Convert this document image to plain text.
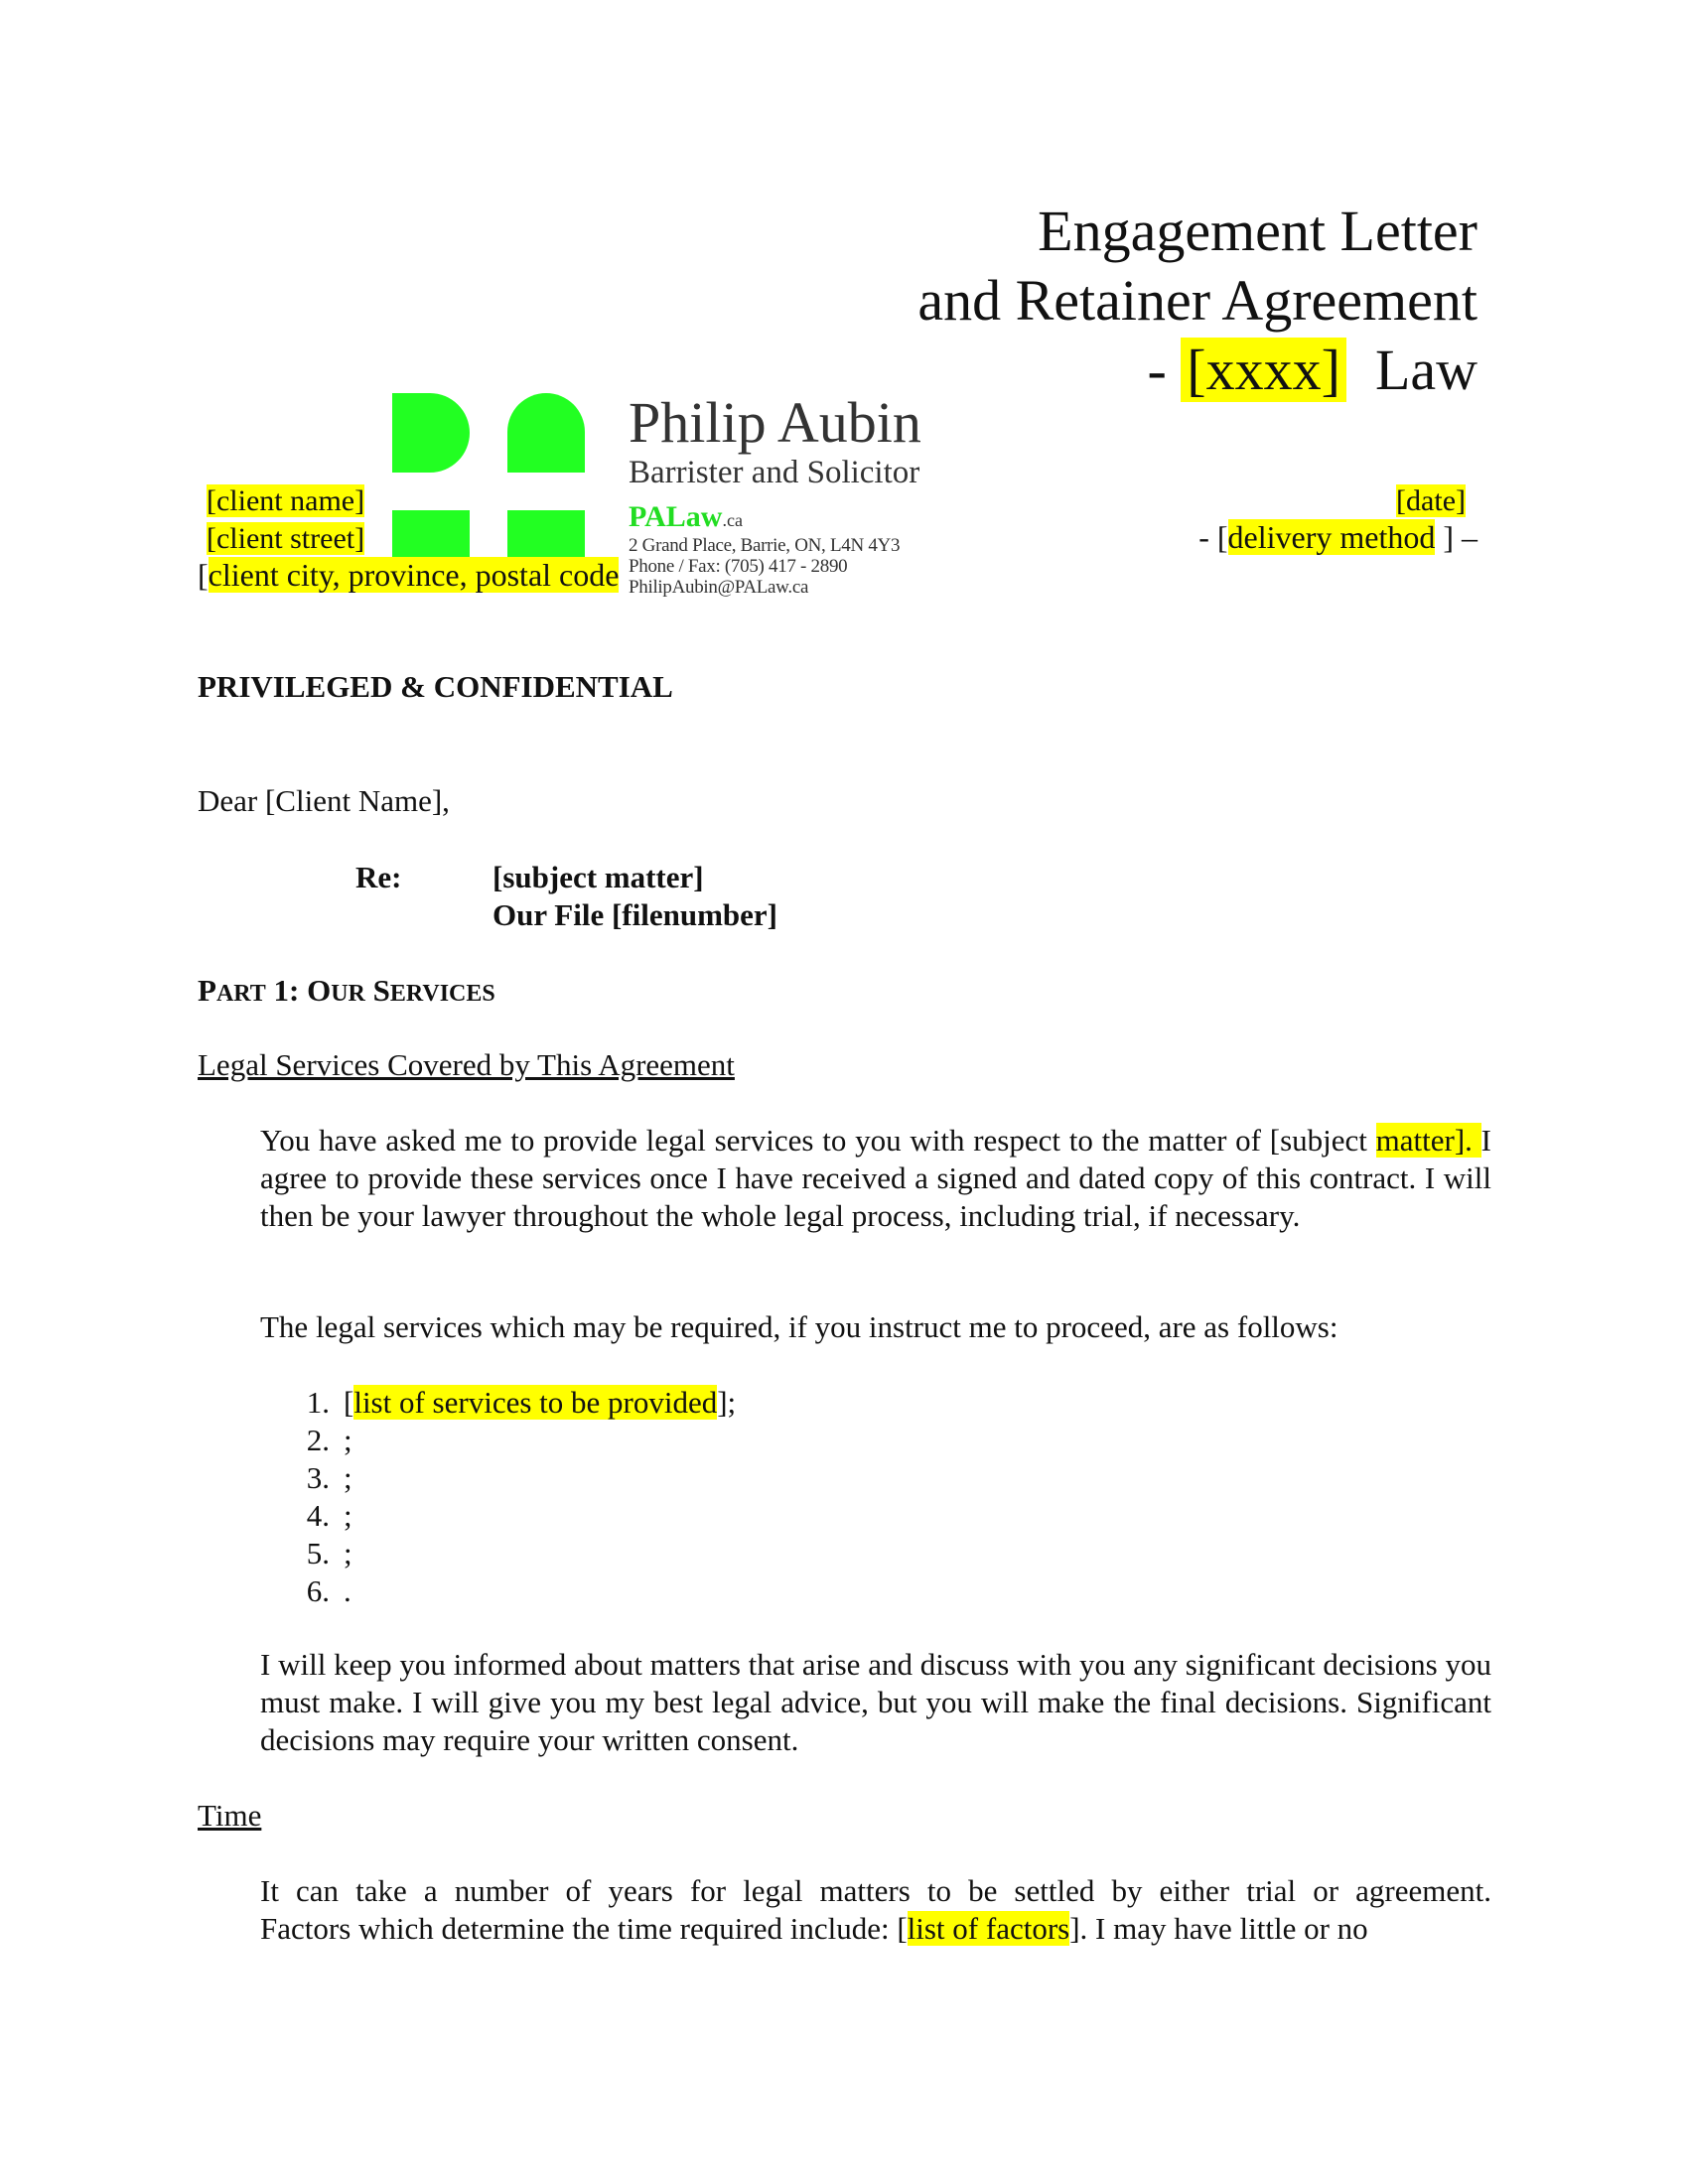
Engagement Letter
and Retainer Agreement
- [xxxx] Law
Philip Aubin
Barrister and Solicitor
PALaw.ca
2 Grand Place, Barrie, ON, L4N 4Y3
Phone / Fax: (705) 417 - 2890
PhilipAubin@PALaw.ca
[client name]
[client street]
[client city, province, postal code
[date]
- [delivery method ] –
PRIVILEGED & CONFIDENTIAL
Dear [Client Name],
Re:	[subject matter]
Our File [filenumber]
PART 1: OUR SERVICES
Legal Services Covered by This Agreement
You have asked me to provide legal services to you with respect to the matter of [subject matter]. I agree to provide these services once I have received a signed and dated copy of this contract. I will then be your lawyer throughout the whole legal process, including trial, if necessary.
The legal services which may be required, if you instruct me to proceed, are as follows:
1. [list of services to be provided];
2. ;
3. ;
4. ;
5. ;
6. .
I will keep you informed about matters that arise and discuss with you any significant decisions you must make. I will give you my best legal advice, but you will make the final decisions. Significant decisions may require your written consent.
Time
It can take a number of years for legal matters to be settled by either trial or agreement.
Factors which determine the time required include: [list of factors]. I may have little or no
